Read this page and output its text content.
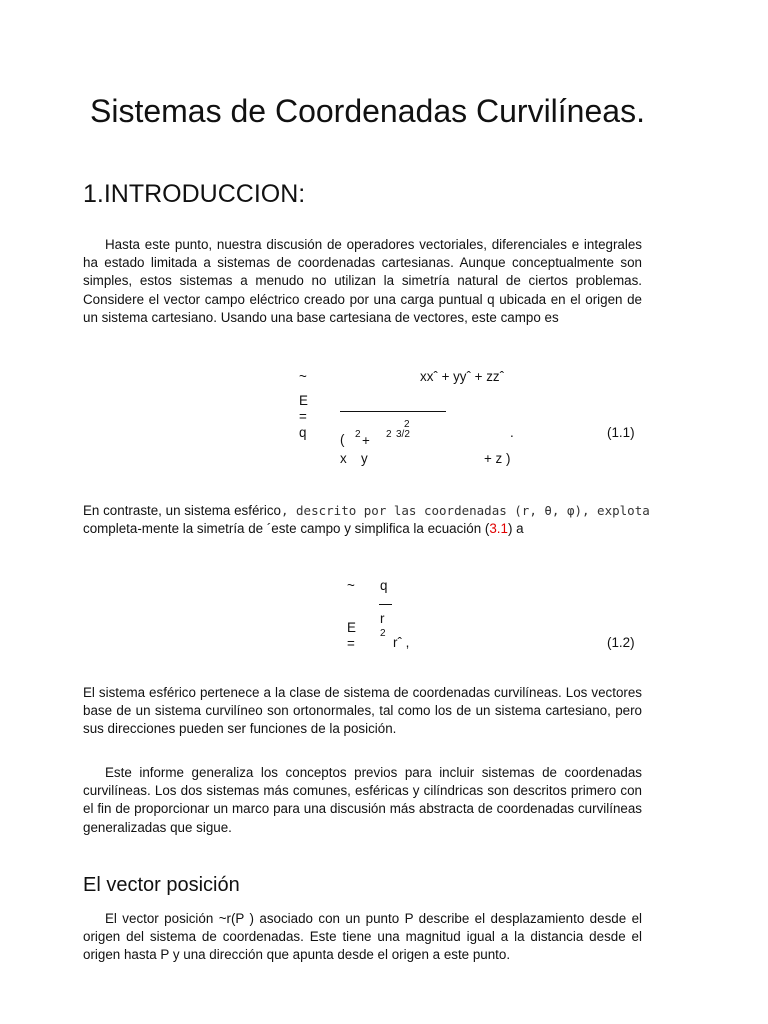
Sistemas de Coordenadas Curvilíneas.
1.INTRODUCCION:
Hasta este punto, nuestra discusión de operadores vectoriales, diferenciales e integrales ha estado limitada a sistemas de coordenadas cartesianas. Aunque conceptualmente son simples, estos sistemas a menudo no utilizan la simetría natural de ciertos problemas. Considere el vector campo eléctrico creado por una carga puntual q ubicada en el origen de un sistema cartesiano. Usando una base cartesiana de vectores, este campo es
~	xxˆ + yyˆ + zzˆ
E
=
q
2
( 2 + 2 3/2	.	(1.1)
x y	+ z )
En contraste, un sistema esférico, descrito por las coordenadas (r, θ, φ), explota
completa-mente la simetría de ´este campo y simplifica la ecuación (3.1) a
~ q
r
2
E
=	rˆ ,	(1.2)
El sistema esférico pertenece a la clase de sistema de coordenadas curvilíneas. Los vectores base de un sistema curvilíneo son ortonormales, tal como los de un sistema cartesiano, pero sus direcciones pueden ser funciones de la posición.
Este informe generaliza los conceptos previos para incluir sistemas de coordenadas curvilíneas. Los dos sistemas más comunes, esféricas y cilíndricas son descritos primero con el fin de proporcionar un marco para una discusión más abstracta de coordenadas curvilíneas generalizadas que sigue.
El vector posición
El vector posición ~r(P ) asociado con un punto P describe el desplazamiento desde el origen del sistema de coordenadas. Este tiene una magnitud igual a la distancia desde el origen hasta P y una dirección que apunta desde el origen a este punto.
